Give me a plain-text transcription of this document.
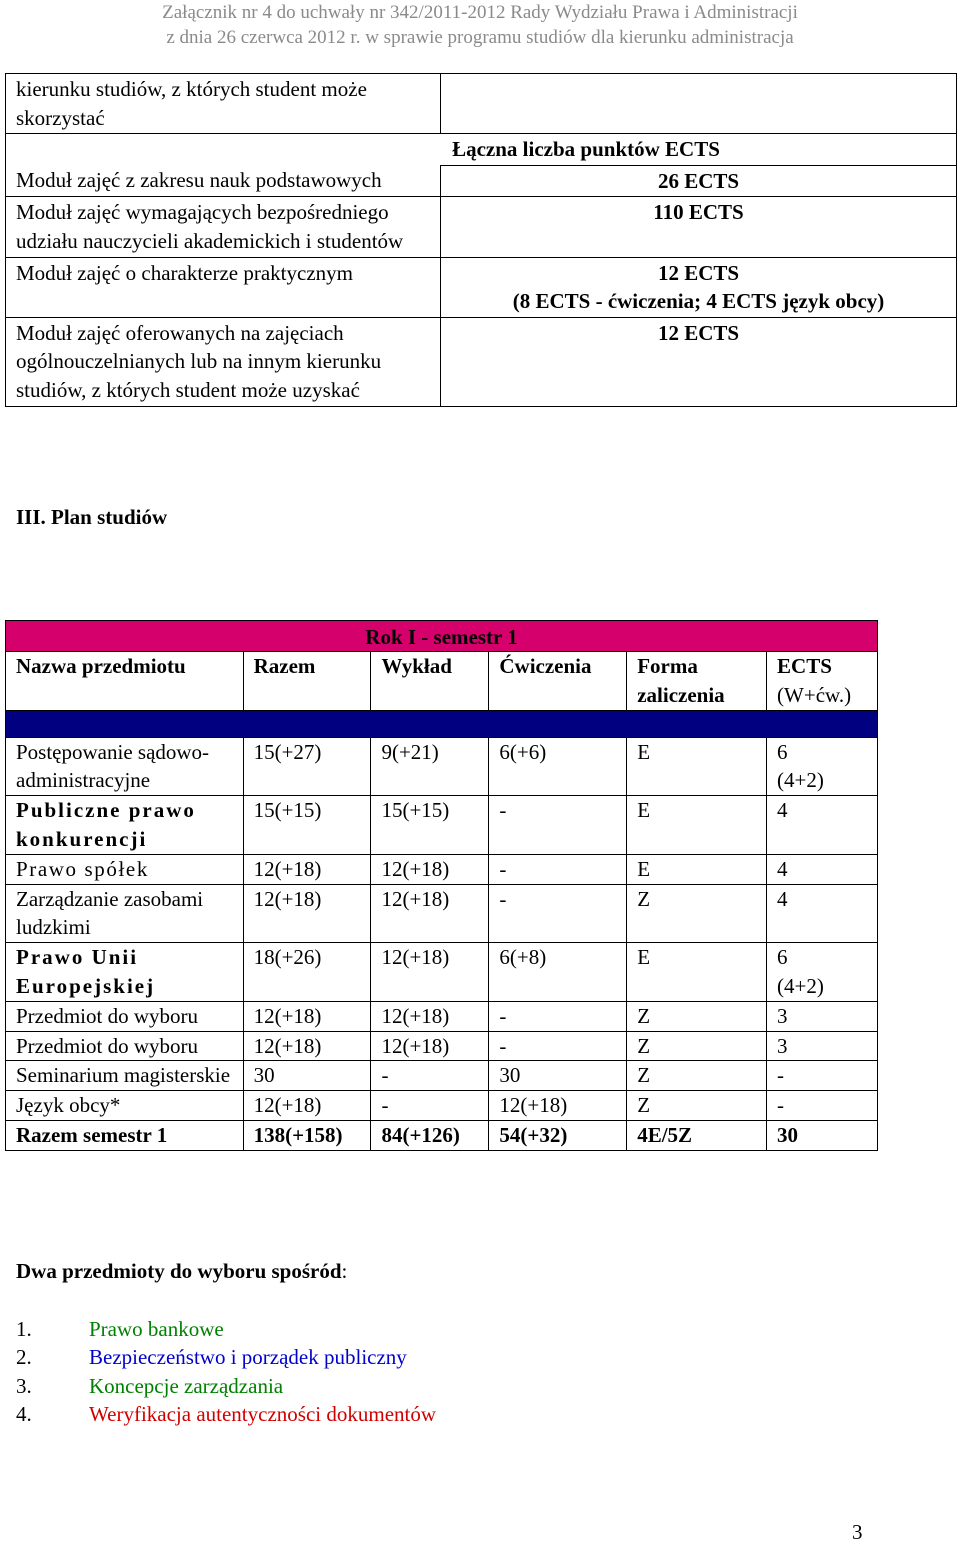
Załącznik nr 4 do uchwały nr 342/2011-2012 Rady Wydziału Prawa i Administracji
z dnia 26 czerwca 2012 r. w sprawie programu studiów dla kierunku administracja
kierunku studiów, z których student może skorzystać	
Łączna liczba punktów ECTS	
Moduł zajęć z zakresu nauk podstawowych	26 ECTS
Moduł zajęć wymagających bezpośredniego udziału nauczycieli akademickich i studentów	110 ECTS
Moduł zajęć o charakterze praktycznym	12 ECTS
(8 ECTS - ćwiczenia; 4 ECTS język obcy)

Moduł zajęć oferowanych na zajęciach ogólnouczelnianych lub na innym kierunku studiów, z których student może uzyskać	12 ECTS
III. Plan studiów
Rok I - semestr 1					
Nazwa przedmiotu	Razem	Wykład	Ćwiczenia	Forma zaliczenia	ECTS
(W+ćw.)

Postępowanie sądowo-administracyjne	15(+27)	9(+21)	6(+6)	E	6
(4+2)

Publiczne prawo konkurencji	15(+15)	15(+15)	-	E	4

Prawo spółek	12(+18)	12(+18)	-	E	4

Zarządzanie zasobami ludzkimi	12(+18)	12(+18)	-	Z	4

Prawo Unii Europejskiej	18(+26)	12(+18)	6(+8)	E	6
(4+2)

Przedmiot do wyboru	12(+18)	12(+18)	-	Z	3

Przedmiot do wyboru	12(+18)	12(+18)	-	Z	3

Seminarium magisterskie	30	-	30	Z	-

Język obcy*	12(+18)	-	12(+18)	Z	-

Razem semestr 1	138(+158)	84(+126)	54(+32)	4E/5Z	30
Dwa przedmioty do wyboru spośród:
1.	Prawo bankowe
2.	Bezpieczeństwo i porządek publiczny
3.	Koncepcje zarządzania
4.	Weryfikacja autentyczności dokumentów
3
